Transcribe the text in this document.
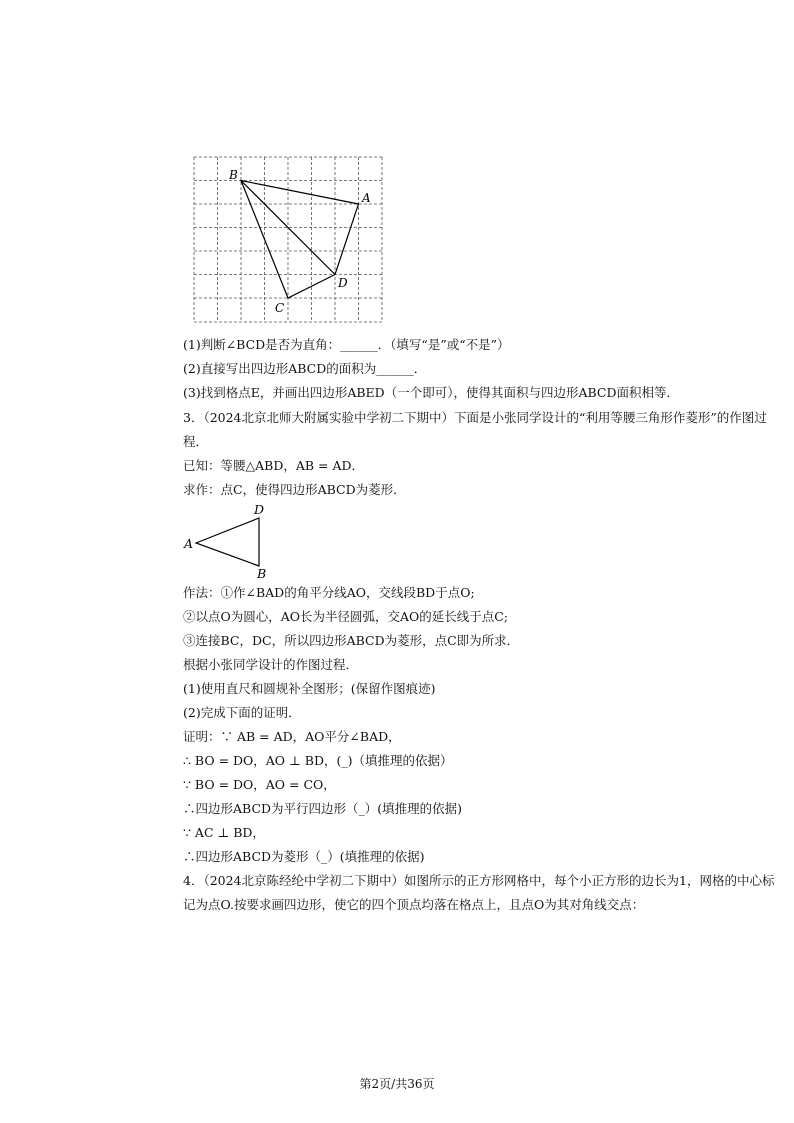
B
A
D
C
(1)判断∠BCD是否为直角：______．（填写“是”或“不是”）
(2)直接写出四边形ABCD的面积为______．
(3)找到格点E，并画出四边形ABED（一个即可），使得其面积与四边形ABCD面积相等．
3．（2024北京北师大附属实验中学初二下期中）下面是小张同学设计的“利用等腰三角形作菱形”的作图过
程．
已知：等腰△ABD，AB = AD．
求作：点C，使得四边形ABCD为菱形．
D
A
B
作法：①作∠BAD的角平分线AO，交线段BD于点O;
②以点O为圆心，AO长为半径圆弧，交AO的延长线于点C;
③连接BC，DC，所以四边形ABCD为菱形，点C即为所求．
根据小张同学设计的作图过程．
(1)使用直尺和圆规补全图形；(保留作图痕迹)
(2)完成下面的证明．
证明：∵ AB = AD，AO平分∠BAD，
∴ BO = DO，AO ⊥ BD，(_)（填推理的依据）
∵ BO = DO，AO = CO，
∴四边形ABCD为平行四边形（_）(填推理的依据)
∵ AC ⊥ BD，
∴四边形ABCD为菱形（_）(填推理的依据)
4．（2024北京陈经纶中学初二下期中）如图所示的正方形网格中，每个小正方形的边长为1，网格的中心标
记为点O.按要求画四边形，使它的四个顶点均落在格点上，且点O为其对角线交点：
第2页/共36页
